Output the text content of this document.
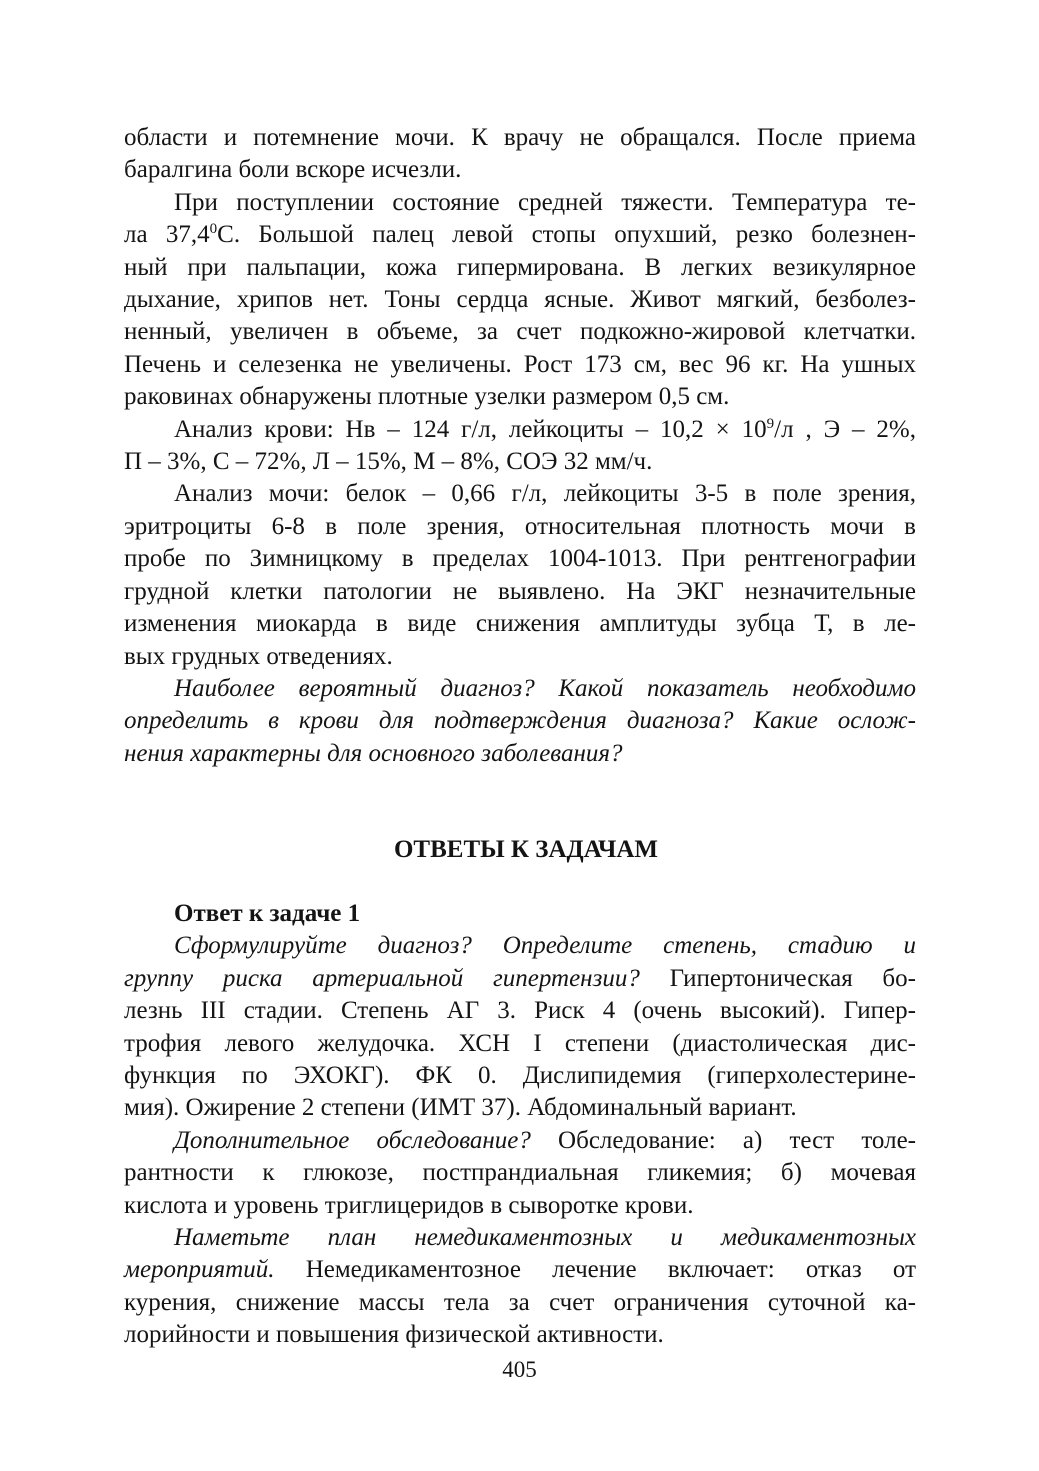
области и потемнение мочи. К врачу не обращался. После приема
баралгина боли вскоре исчезли.

При поступлении состояние средней тяжести. Температура те-
ла 37,4$^0$С. Большой палец левой стопы опухший, резко болезнен-
ный при пальпации, кожа гипермирована. В легких везикулярное
дыхание, хрипов нет. Тоны сердца ясные. Живот мягкий, безболез-
ненный, увеличен в объеме, за счет подкожно-жировой клетчатки.
Печень и селезенка не увеличены. Рост 173 см, вес 96 кг. На ушных
раковинах обнаружены плотные узелки размером 0,5 см.

Анализ крови: Нв – 124 г/л, лейкоциты – $10,2 \times 10^9/л$ , Э – 2%,
П – 3%, С – 72%, Л – 15%, М – 8%, СОЭ 32 мм/ч.

Анализ мочи: белок – 0,66 г/л, лейкоциты 3-5 в поле зрения,
эритроциты 6-8 в поле зрения, относительная плотность мочи в
пробе по Зимницкому в пределах 1004-1013. При рентгенографии
грудной клетки патологии не выявлено. На ЭКГ незначительные
изменения миокарда в виде снижения амплитуды зубца Т, в ле-
вых грудных отведениях.

Наиболее вероятный диагноз? Какой показатель необходимо
определить в крови для подтверждения диагноза? Какие ослож-
нения характерны для основного заболевания?

ОТВЕТЫ К ЗАДАЧАМ

Ответ к задаче 1

Сформулируйте диагноз? Определите степень, стадию и
группу риска артериальной гипертензии? Гипертоническая бо-
лезнь III стадии. Степень АГ 3. Риск 4 (очень высокий). Гипер-
трофия левого желудочка. ХСН I степени (диастолическая дис-
функция по ЭХОКГ). ФК 0. Дислипидемия (гиперхолестерине-
мия). Ожирение 2 степени (ИМТ 37). Абдоминальный вариант.

Дополнительное обследование? Обследование: а) тест толе-
рантности к глюкозе, постпрандиальная гликемия; б) мочевая
кислота и уровень триглицеридов в сыворотке крови.

Наметьте план немедикаментозных и медикаментозных
мероприятий. Немедикаментозное лечение включает: отказ от
курения, снижение массы тела за счет ограничения суточной ка-
лорийности и повышения физической активности.

405
